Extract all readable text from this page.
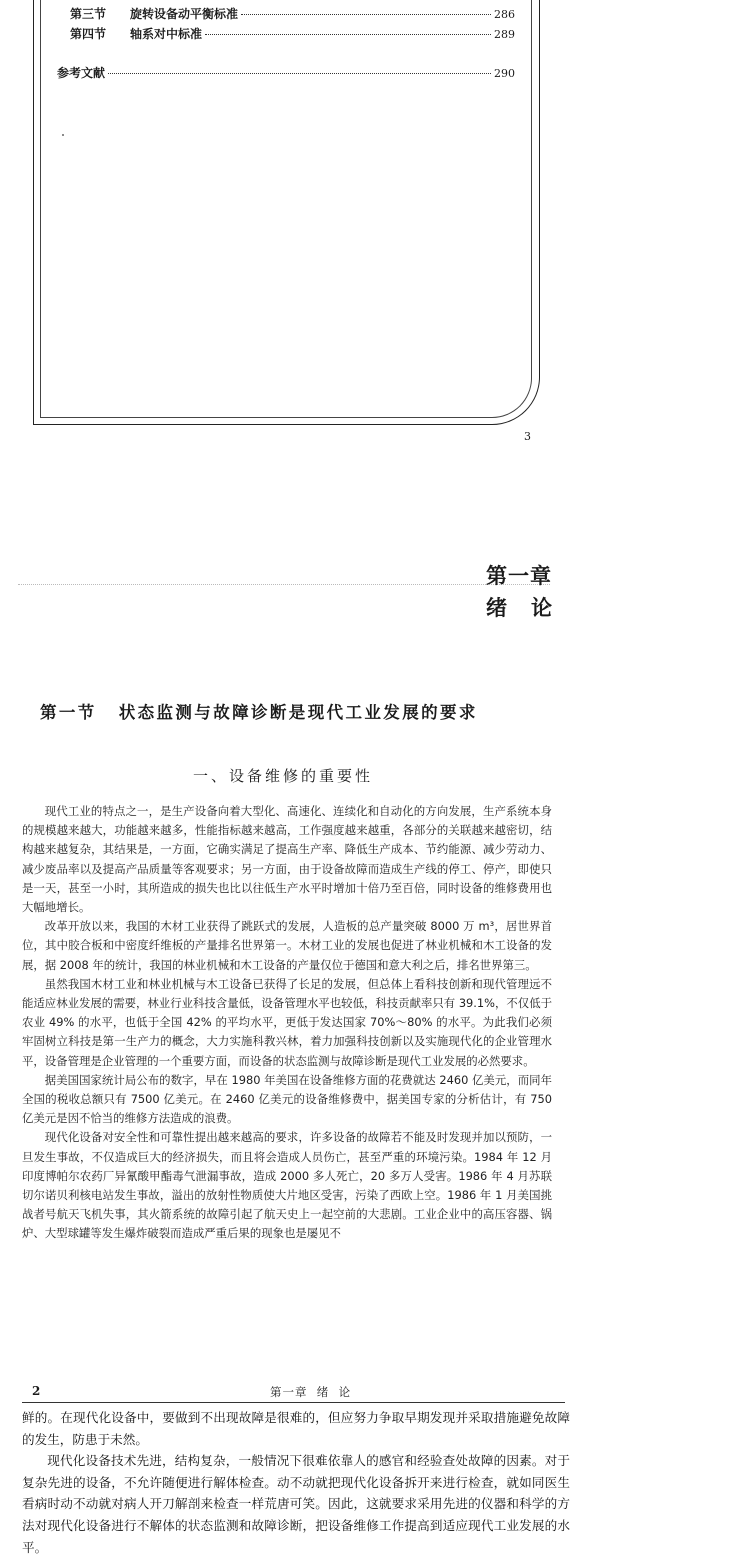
第三节	旋转设备动平衡标准	286
第四节	轴系对中标准	289
参考文献	290
3
第一章
绪论
第一节 状态监测与故障诊断是现代工业发展的要求
一、设备维修的重要性

现代工业的特点之一，是生产设备向着大型化、高速化、连续化和自动化的方向发展，生产系统本身的规模越来越大，功能越来越多，性能指标越来越高，工作强度越来越重，各部分的关联越来越密切，结构越来越复杂，其结果是，一方面，它确实满足了提高生产率、降低生产成本、节约能源、减少劳动力、减少废品率以及提高产品质量等客观要求；另一方面，由于设备故障而造成生产线的停工、停产，即使只是一天，甚至一小时，其所造成的损失也比以往低生产水平时增加十倍乃至百倍，同时设备的维修费用也大幅地增长。

改革开放以来，我国的木材工业获得了跳跃式的发展，人造板的总产量突破 8000 万 m³，居世界首位，其中胶合板和中密度纤维板的产量排名世界第一。木材工业的发展也促进了林业机械和木工设备的发展，据 2008 年的统计，我国的林业机械和木工设备的产量仅位于德国和意大利之后，排名世界第三。

虽然我国木材工业和林业机械与木工设备已获得了长足的发展，但总体上看科技创新和现代管理远不能适应林业发展的需要，林业行业科技含量低，设备管理水平也较低，科技贡献率只有 39.1%，不仅低于农业 49% 的水平，也低于全国 42% 的平均水平，更低于发达国家 70%～80% 的水平。为此我们必须牢固树立科技是第一生产力的概念，大力实施科教兴林，着力加强科技创新以及实施现代化的企业管理水平，设备管理是企业管理的一个重要方面，而设备的状态监测与故障诊断是现代工业发展的必然要求。

据美国国家统计局公布的数字，早在 1980 年美国在设备维修方面的花费就达 2460 亿美元，而同年全国的税收总额只有 7500 亿美元。在 2460 亿美元的设备维修费中，据美国专家的分析估计，有 750 亿美元是因不恰当的维修方法造成的浪费。

现代化设备对安全性和可靠性提出越来越高的要求，许多设备的故障若不能及时发现并加以预防，一旦发生事故，不仅造成巨大的经济损失，而且将会造成人员伤亡，甚至严重的环境污染。1984 年 12 月印度博帕尔农药厂异氰酸甲酯毒气泄漏事故，造成 2000 多人死亡，20 多万人受害。1986 年 4 月苏联切尔诺贝利核电站发生事故，溢出的放射性物质使大片地区受害，污染了西欧上空。1986 年 1 月美国挑战者号航天飞机失事，其火箭系统的故障引起了航天史上一起空前的大悲剧。工业企业中的高压容器、锅炉、大型球罐等发生爆炸破裂而造成严重后果的现象也是屡见不

2	第一章  绪  论

鲜的。在现代化设备中，要做到不出现故障是很难的，但应努力争取早期发现并采取措施避免故障的发生，防患于未然。

现代化设备技术先进，结构复杂，一般情况下很难依靠人的感官和经验查处故障的因素。对于复杂先进的设备，不允许随便进行解体检查。动不动就把现代化设备拆开来进行检查，就如同医生看病时动不动就对病人开刀解剖来检查一样荒唐可笑。因此，这就要求采用先进的仪器和科学的方法对现代化设备进行不解体的状态监测和故障诊断，把设备维修工作提高到适应现代工业发展的水平。
